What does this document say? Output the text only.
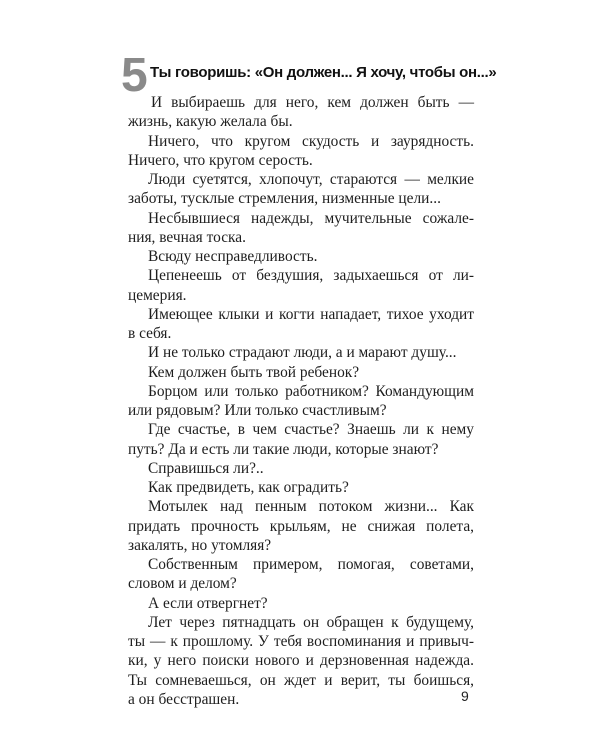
5 Ты говоришь: «Он должен... Я хочу, чтобы он...»
И выбираешь для него, кем должен быть —
жизнь, какую желала бы.
Ничего, что кругом скудость и заурядность.
Ничего, что кругом серость.
Люди суетятся, хлопочут, стараются — мелкие
заботы, тусклые стремления, низменные цели...
Несбывшиеся надежды, мучительные сожале-
ния, вечная тоска.
Всюду несправедливость.
Цепенеешь от бездушия, задыхаешься от ли-
цемерия.
Имеющее клыки и когти нападает, тихое уходит
в себя.
И не только страдают люди, а и марают душу...
Кем должен быть твой ребенок?
Борцом или только работником? Командующим
или рядовым? Или только счастливым?
Где счастье, в чем счастье? Знаешь ли к нему
путь? Да и есть ли такие люди, которые знают?
Справишься ли?..
Как предвидеть, как оградить?
Мотылек над пенным потоком жизни... Как
придать прочность крыльям, не снижая полета,
закалять, но утомляя?
Собственным примером, помогая, советами,
словом и делом?
А если отвергнет?
Лет через пятнадцать он обращен к будущему,
ты — к прошлому. У тебя воспоминания и привыч-
ки, у него поиски нового и дерзновенная надежда.
Ты сомневаешься, он ждет и верит, ты боишься,
а он бесстрашен.	9
